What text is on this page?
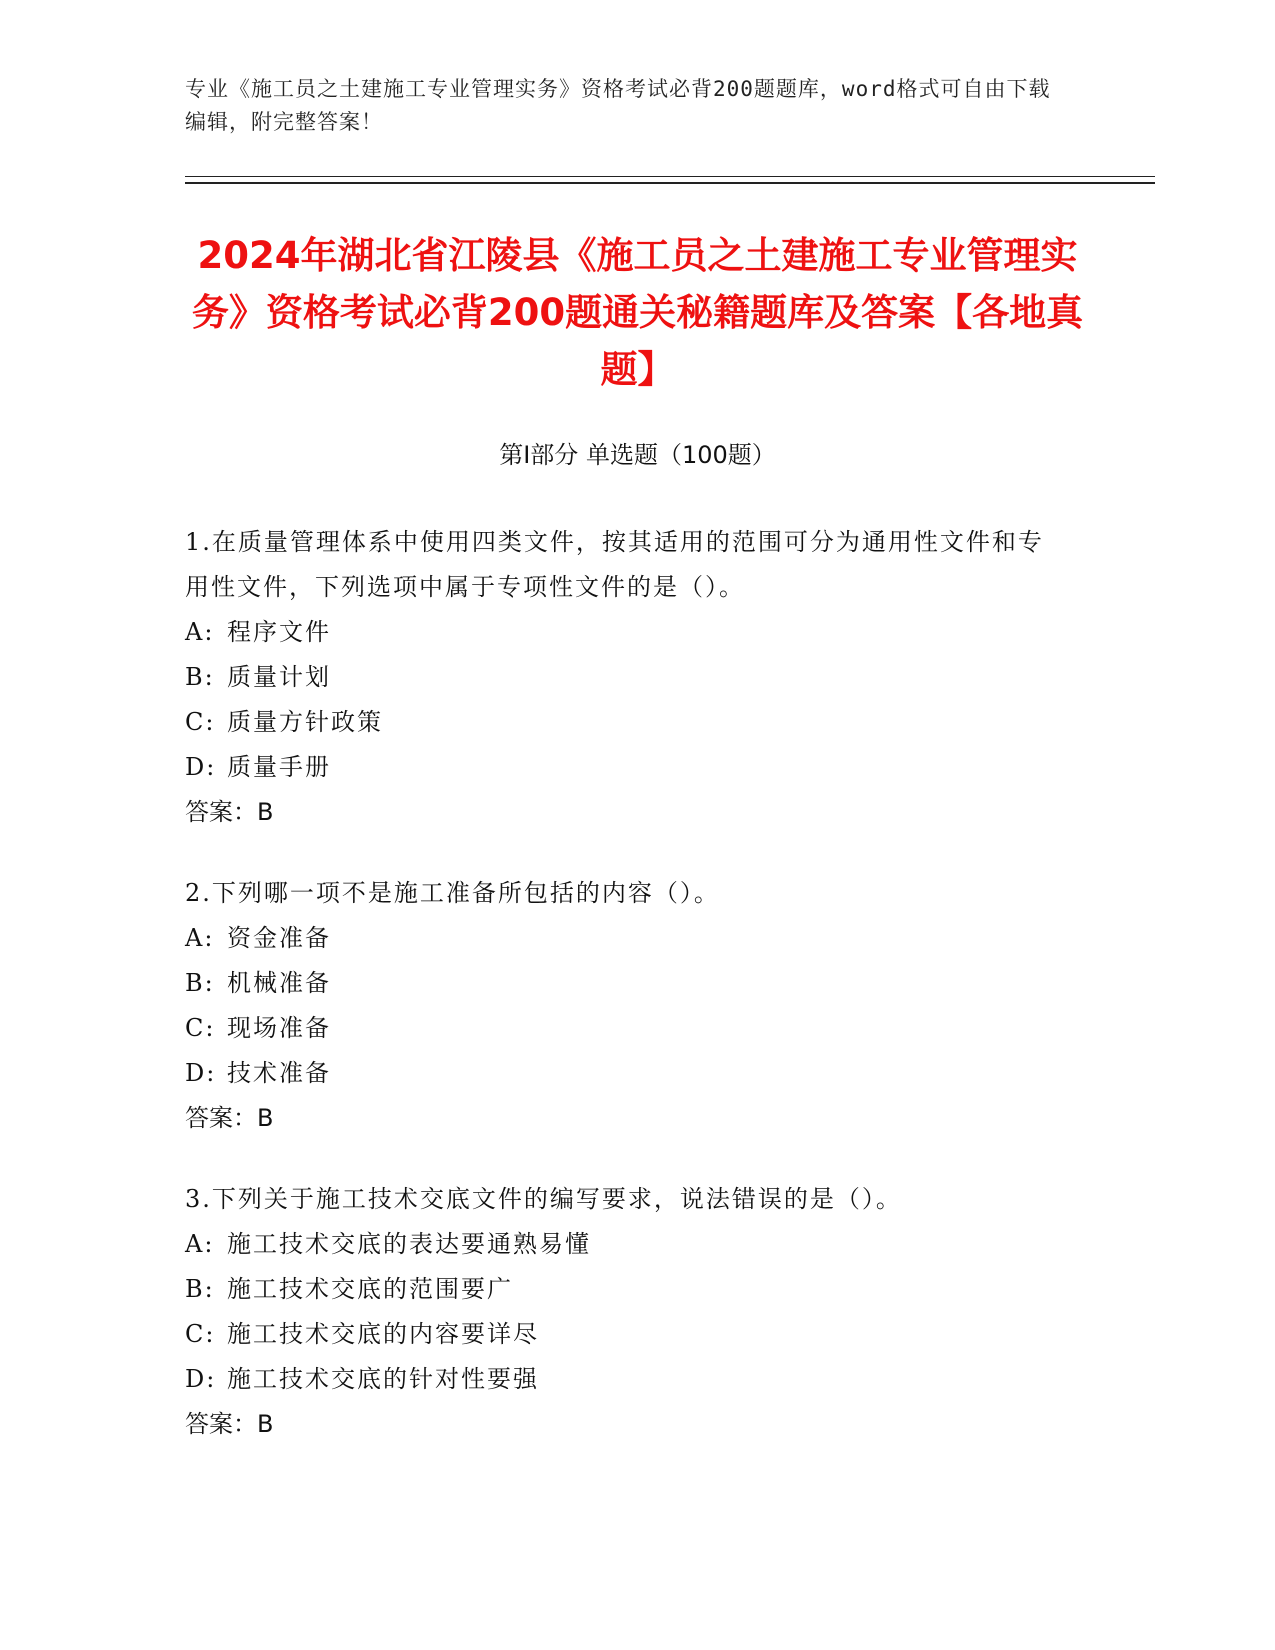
专业《施工员之土建施工专业管理实务》资格考试必背200题题库，word格式可自由下载编辑，附完整答案！
2024年湖北省江陵县《施工员之土建施工专业管理实务》资格考试必背200题通关秘籍题库及答案【各地真题】
第Ⅰ部分 单选题（100题）
1.在质量管理体系中使用四类文件，按其适用的范围可分为通用性文件和专用性文件，下列选项中属于专项性文件的是（）。
A: 程序文件
B: 质量计划
C: 质量方针政策
D: 质量手册
答案：B
2.下列哪一项不是施工准备所包括的内容（）。
A: 资金准备
B: 机械准备
C: 现场准备
D: 技术准备
答案：B
3.下列关于施工技术交底文件的编写要求，说法错误的是（）。
A: 施工技术交底的表达要通熟易懂
B: 施工技术交底的范围要广
C: 施工技术交底的内容要详尽
D: 施工技术交底的针对性要强
答案：B
